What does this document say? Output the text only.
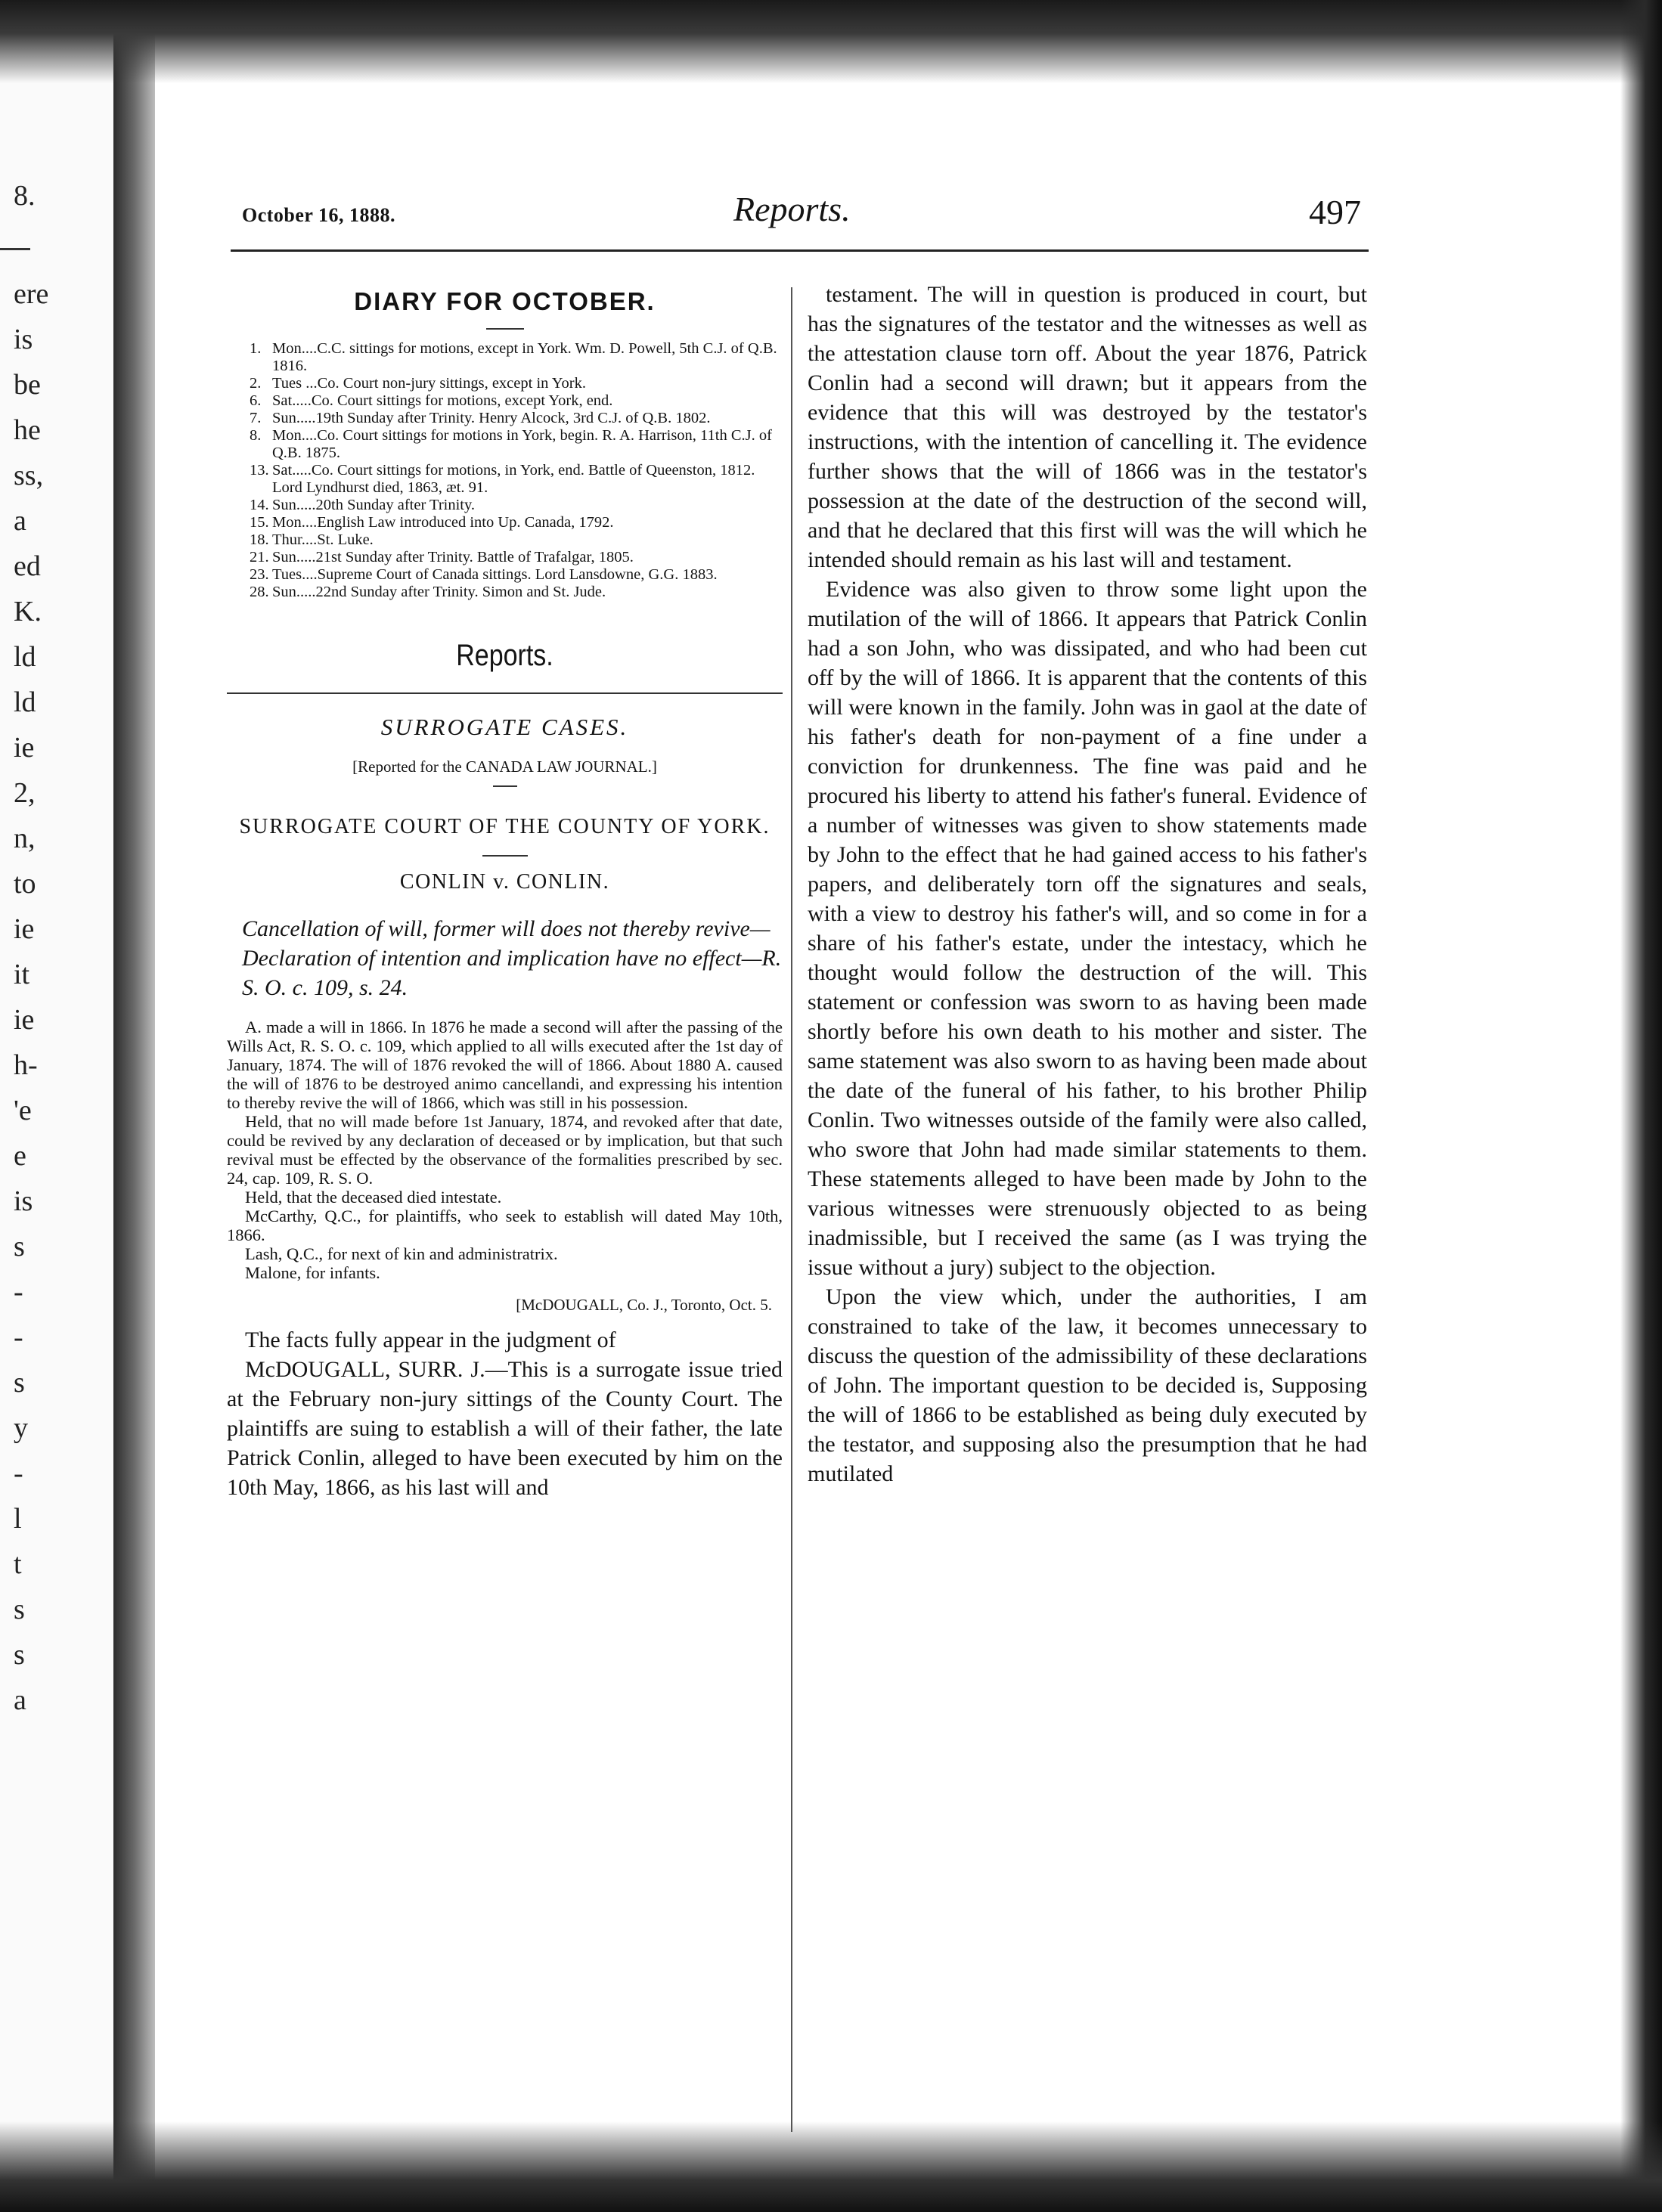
8.
ere
is
be
he
ss,
a
ed
K.
ld
ld
ie
2,
n,
to
ie
it
ie
h-
'e
e
is
s
-
-
s
y
-
l
t
s
s
a
October 16, 1888.	Reports.	497
DIARY FOR OCTOBER.

1. Mon....C.C. sittings for motions, except in York. Wm. D. Powell, 5th C.J. of Q.B. 1816.

2. Tues ...Co. Court non-jury sittings, except in York.

6. Sat.....Co. Court sittings for motions, except York, end.

7. Sun.....19th Sunday after Trinity. Henry Alcock, 3rd C.J. of Q.B. 1802.

8. Mon....Co. Court sittings for motions in York, begin. R. A. Harrison, 11th C.J. of Q.B. 1875.

13. Sat.....Co. Court sittings for motions, in York, end. Battle of Queenston, 1812. Lord Lyndhurst died, 1863, æt. 91.

14. Sun.....20th Sunday after Trinity.

15. Mon....English Law introduced into Up. Canada, 1792.

18. Thur....St. Luke.

21. Sun.....21st Sunday after Trinity. Battle of Trafalgar, 1805.

23. Tues....Supreme Court of Canada sittings. Lord Lansdowne, G.G. 1883.

28. Sun.....22nd Sunday after Trinity. Simon and St. Jude.

Reports.
SURROGATE CASES.
[Reported for the CANADA LAW JOURNAL.]
SURROGATE COURT OF THE COUNTY OF YORK.
CONLIN v. CONLIN.
Cancellation of will, former will does not thereby revive—Declaration of intention and implication have no effect—R. S. O. c. 109, s. 24.

A. made a will in 1866. In 1876 he made a second will after the passing of the Wills Act, R. S. O. c. 109, which applied to all wills executed after the 1st day of January, 1874. The will of 1876 revoked the will of 1866. About 1880 A. caused the will of 1876 to be destroyed animo cancellandi, and expressing his intention to thereby revive the will of 1866, which was still in his possession.

Held, that no will made before 1st January, 1874, and revoked after that date, could be revived by any declaration of deceased or by implication, but that such revival must be effected by the observance of the formalities prescribed by sec. 24, cap. 109, R. S. O.

Held, that the deceased died intestate.

McCarthy, Q.C., for plaintiffs, who seek to establish will dated May 10th, 1866.

Lash, Q.C., for next of kin and administratrix.

Malone, for infants.

[McDOUGALL, Co. J., Toronto, Oct. 5.

The facts fully appear in the judgment of

McDOUGALL, SURR. J.—This is a surrogate issue tried at the February non-jury sittings of the County Court. The plaintiffs are suing to establish a will of their father, the late Patrick Conlin, alleged to have been executed by him on the 10th May, 1866, as his last will and

testament. The will in question is produced in court, but has the signatures of the testator and the witnesses as well as the attestation clause torn off. About the year 1876, Patrick Conlin had a second will drawn; but it appears from the evidence that this will was destroyed by the testator's instructions, with the intention of cancelling it. The evidence further shows that the will of 1866 was in the testator's possession at the date of the destruction of the second will, and that he declared that this first will was the will which he intended should remain as his last will and testament.

Evidence was also given to throw some light upon the mutilation of the will of 1866. It appears that Patrick Conlin had a son John, who was dissipated, and who had been cut off by the will of 1866. It is apparent that the contents of this will were known in the family. John was in gaol at the date of his father's death for non-payment of a fine under a conviction for drunkenness. The fine was paid and he procured his liberty to attend his father's funeral. Evidence of a number of witnesses was given to show statements made by John to the effect that he had gained access to his father's papers, and deliberately torn off the signatures and seals, with a view to destroy his father's will, and so come in for a share of his father's estate, under the intestacy, which he thought would follow the destruction of the will. This statement or confession was sworn to as having been made shortly before his own death to his mother and sister. The same statement was also sworn to as having been made about the date of the funeral of his father, to his brother Philip Conlin. Two witnesses outside of the family were also called, who swore that John had made similar statements to them. These statements alleged to have been made by John to the various witnesses were strenuously objected to as being inadmissible, but I received the same (as I was trying the issue without a jury) subject to the objection.

Upon the view which, under the authorities, I am constrained to take of the law, it becomes unnecessary to discuss the question of the admissibility of these declarations of John. The important question to be decided is, Supposing the will of 1866 to be established as being duly executed by the testator, and supposing also the presumption that he had mutilated
